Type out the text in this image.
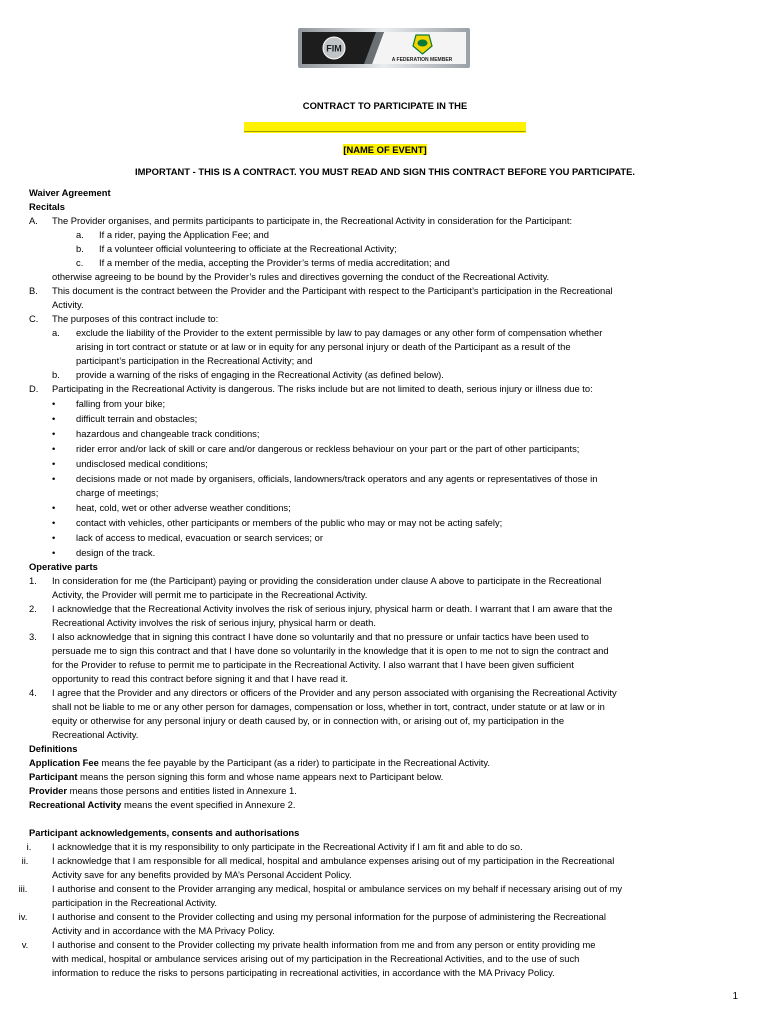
FIM
A FEDERATION MEMBER
CONTRACT TO PARTICIPATE IN THE
______________________________________________________
[NAME OF EVENT]
IMPORTANT - THIS IS A CONTRACT. YOU MUST READ AND SIGN THIS CONTRACT BEFORE YOU PARTICIPATE.
Waiver Agreement
Recitals
A. The Provider organises, and permits participants to participate in, the Recreational Activity in consideration for the Participant:
a. If a rider, paying the Application Fee; and
b. If a volunteer official volunteering to officiate at the Recreational Activity;
c. If a member of the media, accepting the Provider’s terms of media accreditation; and
otherwise agreeing to be bound by the Provider’s rules and directives governing the conduct of the Recreational Activity.
B. This document is the contract between the Provider and the Participant with respect to the Participant’s participation in the Recreational
Activity.
C. The purposes of this contract include to:
a. exclude the liability of the Provider to the extent permissible by law to pay damages or any other form of compensation whether
arising in tort contract or statute or at law or in equity for any personal injury or death of the Participant as a result of the
participant’s participation in the Recreational Activity; and
b. provide a warning of the risks of engaging in the Recreational Activity (as defined below).
D. Participating in the Recreational Activity is dangerous. The risks include but are not limited to death, serious injury or illness due to:
• falling from your bike;
• difficult terrain and obstacles;
• hazardous and changeable track conditions;
• rider error and/or lack of skill or care and/or dangerous or reckless behaviour on your part or the part of other participants;
• undisclosed medical conditions;
• decisions made or not made by organisers, officials, landowners/track operators and any agents or representatives of those in
charge of meetings;
• heat, cold, wet or other adverse weather conditions;
• contact with vehicles, other participants or members of the public who may or may not be acting safely;
• lack of access to medical, evacuation or search services; or
• design of the track.
Operative parts
1. In consideration for me (the Participant) paying or providing the consideration under clause A above to participate in the Recreational
Activity, the Provider will permit me to participate in the Recreational Activity.
2. I acknowledge that the Recreational Activity involves the risk of serious injury, physical harm or death. I warrant that I am aware that the
Recreational Activity involves the risk of serious injury, physical harm or death.
3. I also acknowledge that in signing this contract I have done so voluntarily and that no pressure or unfair tactics have been used to
persuade me to sign this contract and that I have done so voluntarily in the knowledge that it is open to me not to sign the contract and
for the Provider to refuse to permit me to participate in the Recreational Activity. I also warrant that I have been given sufficient
opportunity to read this contract before signing it and that I have read it.
4. I agree that the Provider and any directors or officers of the Provider and any person associated with organising the Recreational Activity
shall not be liable to me or any other person for damages, compensation or loss, whether in tort, contract, under statute or at law or in
equity or otherwise for any personal injury or death caused by, or in connection with, or arising out of, my participation in the
Recreational Activity.
Definitions
Application Fee means the fee payable by the Participant (as a rider) to participate in the Recreational Activity.
Participant means the person signing this form and whose name appears next to Participant below.
Provider means those persons and entities listed in Annexure 1.
Recreational Activity means the event specified in Annexure 2.
Participant acknowledgements, consents and authorisations
i.	I acknowledge that it is my responsibility to only participate in the Recreational Activity if I am fit and able to do so.
ii.	I acknowledge that I am responsible for all medical, hospital and ambulance expenses arising out of my participation in the Recreational
Activity save for any benefits provided by MA’s Personal Accident Policy.
iii.	I authorise and consent to the Provider arranging any medical, hospital or ambulance services on my behalf if necessary arising out of my
participation in the Recreational Activity.
iv.	I authorise and consent to the Provider collecting and using my personal information for the purpose of administering the Recreational
Activity and in accordance with the MA Privacy Policy.
v.	I authorise and consent to the Provider collecting my private health information from me and from any person or entity providing me
with medical, hospital or ambulance services arising out of my participation in the Recreational Activities, and to the use of such
information to reduce the risks to persons participating in recreational activities, in accordance with the MA Privacy Policy.
1
